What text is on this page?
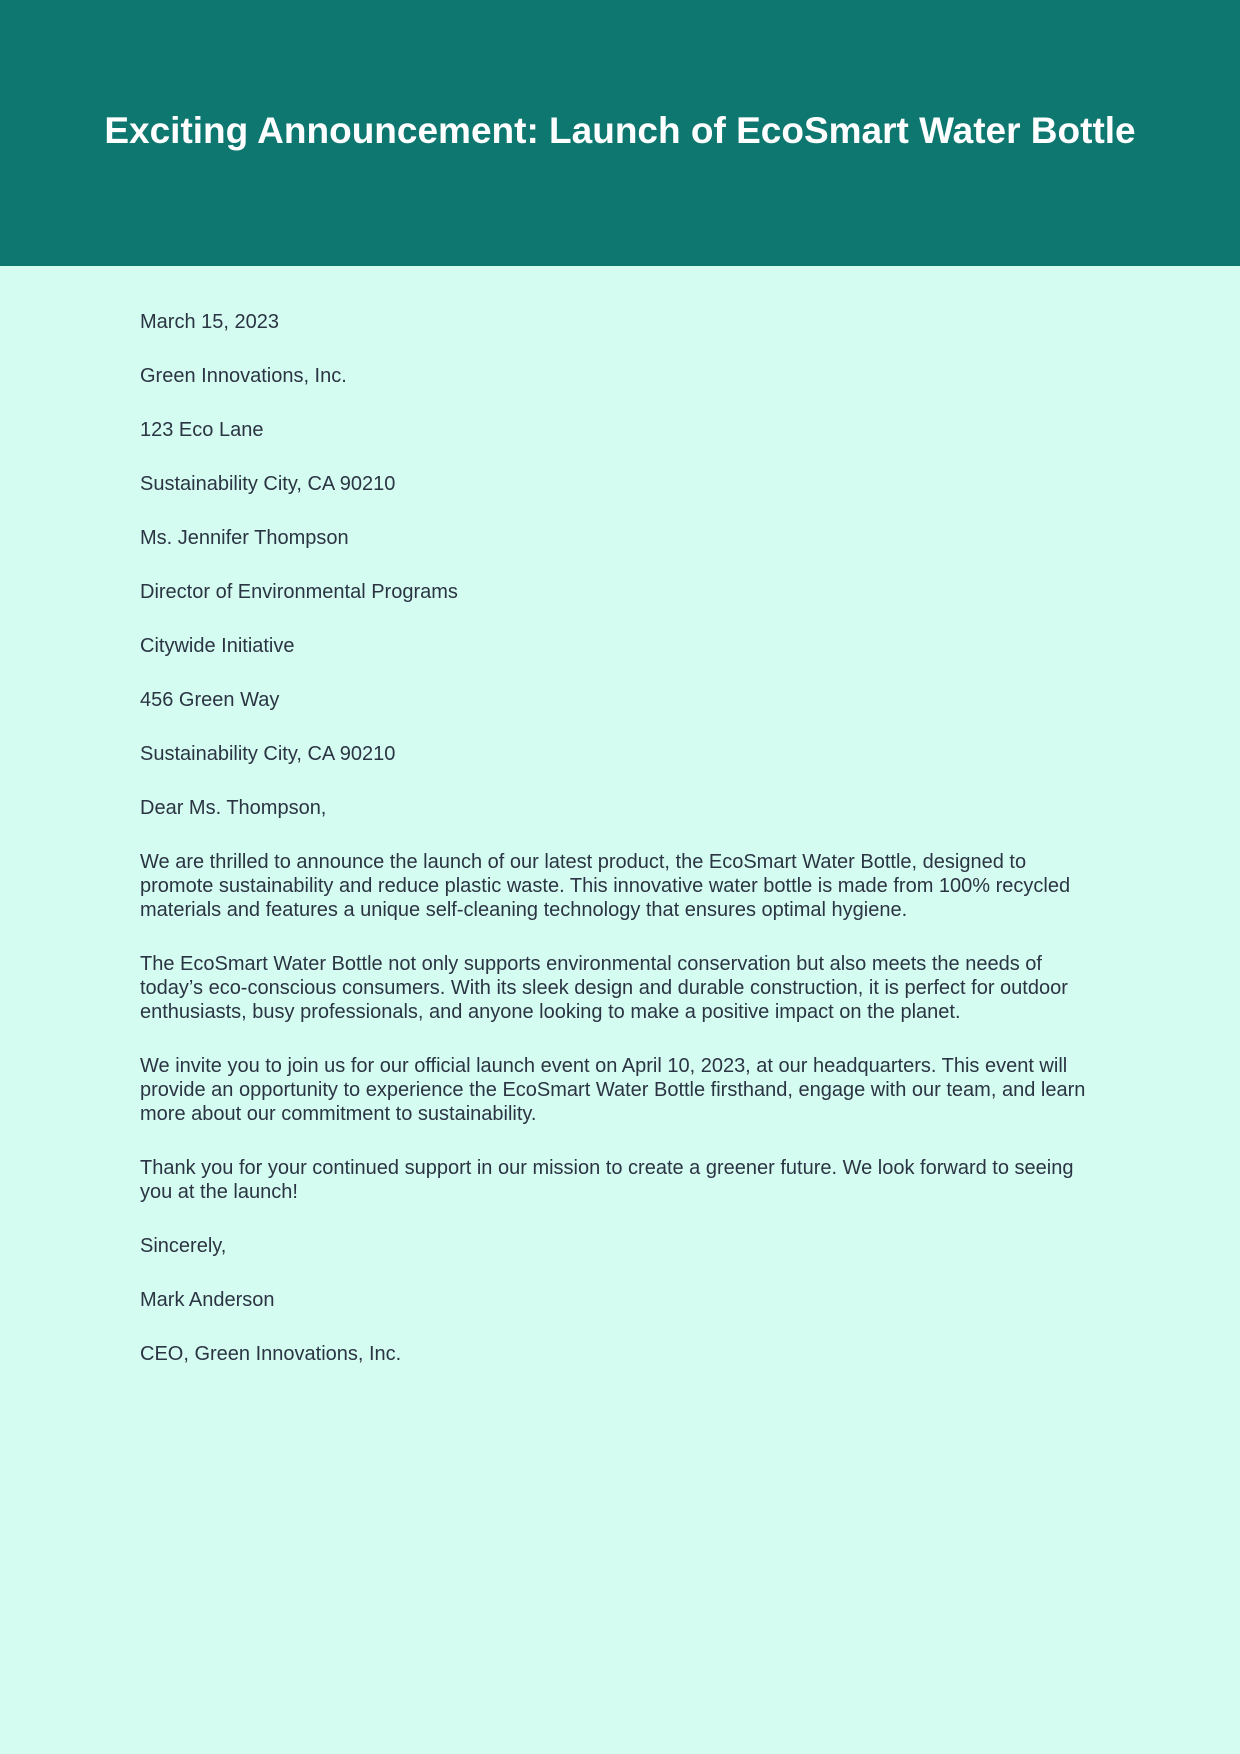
Exciting Announcement: Launch of EcoSmart Water Bottle

March 15, 2023

Green Innovations, Inc.

123 Eco Lane

Sustainability City, CA 90210

Ms. Jennifer Thompson

Director of Environmental Programs

Citywide Initiative

456 Green Way

Sustainability City, CA 90210

Dear Ms. Thompson,

We are thrilled to announce the launch of our latest product, the EcoSmart Water Bottle, designed to promote sustainability and reduce plastic waste. This innovative water bottle is made from 100% recycled materials and features a unique self-cleaning technology that ensures optimal hygiene.

The EcoSmart Water Bottle not only supports environmental conservation but also meets the needs of today’s eco-conscious consumers. With its sleek design and durable construction, it is perfect for outdoor enthusiasts, busy professionals, and anyone looking to make a positive impact on the planet.

We invite you to join us for our official launch event on April 10, 2023, at our headquarters. This event will provide an opportunity to experience the EcoSmart Water Bottle firsthand, engage with our team, and learn more about our commitment to sustainability.

Thank you for your continued support in our mission to create a greener future. We look forward to seeing you at the launch!

Sincerely,

Mark Anderson

CEO, Green Innovations, Inc.
